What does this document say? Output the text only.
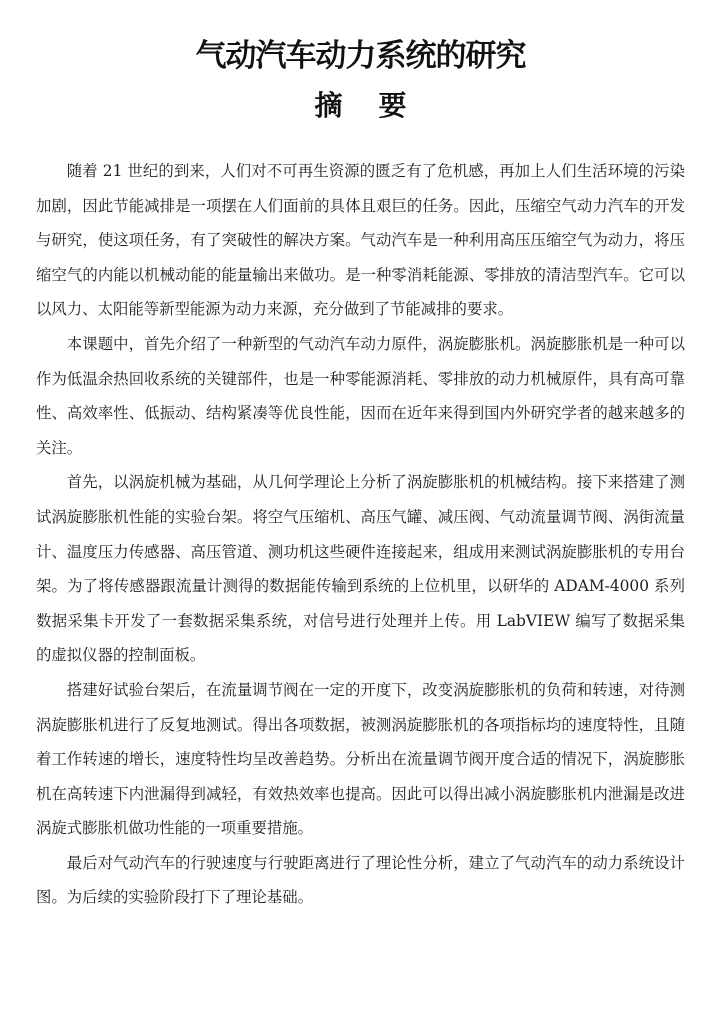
气动汽车动力系统的研究
摘要

随着 21 世纪的到来，人们对不可再生资源的匮乏有了危机感，再加上人们生活环境的污染加剧，因此节能减排是一项摆在人们面前的具体且艰巨的任务。因此，压缩空气动力汽车的开发与研究，使这项任务，有了突破性的解决方案。气动汽车是一种利用高压压缩空气为动力，将压缩空气的内能以机械动能的能量输出来做功。是一种零消耗能源、零排放的清洁型汽车。它可以以风力、太阳能等新型能源为动力来源，充分做到了节能减排的要求。

本课题中，首先介绍了一种新型的气动汽车动力原件，涡旋膨胀机。涡旋膨胀机是一种可以作为低温余热回收系统的关键部件，也是一种零能源消耗、零排放的动力机械原件，具有高可靠性、高效率性、低振动、结构紧凑等优良性能，因而在近年来得到国内外研究学者的越来越多的关注。

首先，以涡旋机械为基础，从几何学理论上分析了涡旋膨胀机的机械结构。接下来搭建了测试涡旋膨胀机性能的实验台架。将空气压缩机、高压气罐、减压阀、气动流量调节阀、涡街流量计、温度压力传感器、高压管道、测功机这些硬件连接起来，组成用来测试涡旋膨胀机的专用台架。为了将传感器跟流量计测得的数据能传输到系统的上位机里，以研华的 ADAM-4000 系列数据采集卡开发了一套数据采集系统，对信号进行处理并上传。用 LabVIEW 编写了数据采集的虚拟仪器的控制面板。

搭建好试验台架后，在流量调节阀在一定的开度下，改变涡旋膨胀机的负荷和转速，对待测涡旋膨胀机进行了反复地测试。得出各项数据，被测涡旋膨胀机的各项指标均的速度特性，且随着工作转速的增长，速度特性均呈改善趋势。分析出在流量调节阀开度合适的情况下，涡旋膨胀机在高转速下内泄漏得到减轻，有效热效率也提高。因此可以得出减小涡旋膨胀机内泄漏是改进涡旋式膨胀机做功性能的一项重要措施。

最后对气动汽车的行驶速度与行驶距离进行了理论性分析，建立了气动汽车的动力系统设计图。为后续的实验阶段打下了理论基础。
